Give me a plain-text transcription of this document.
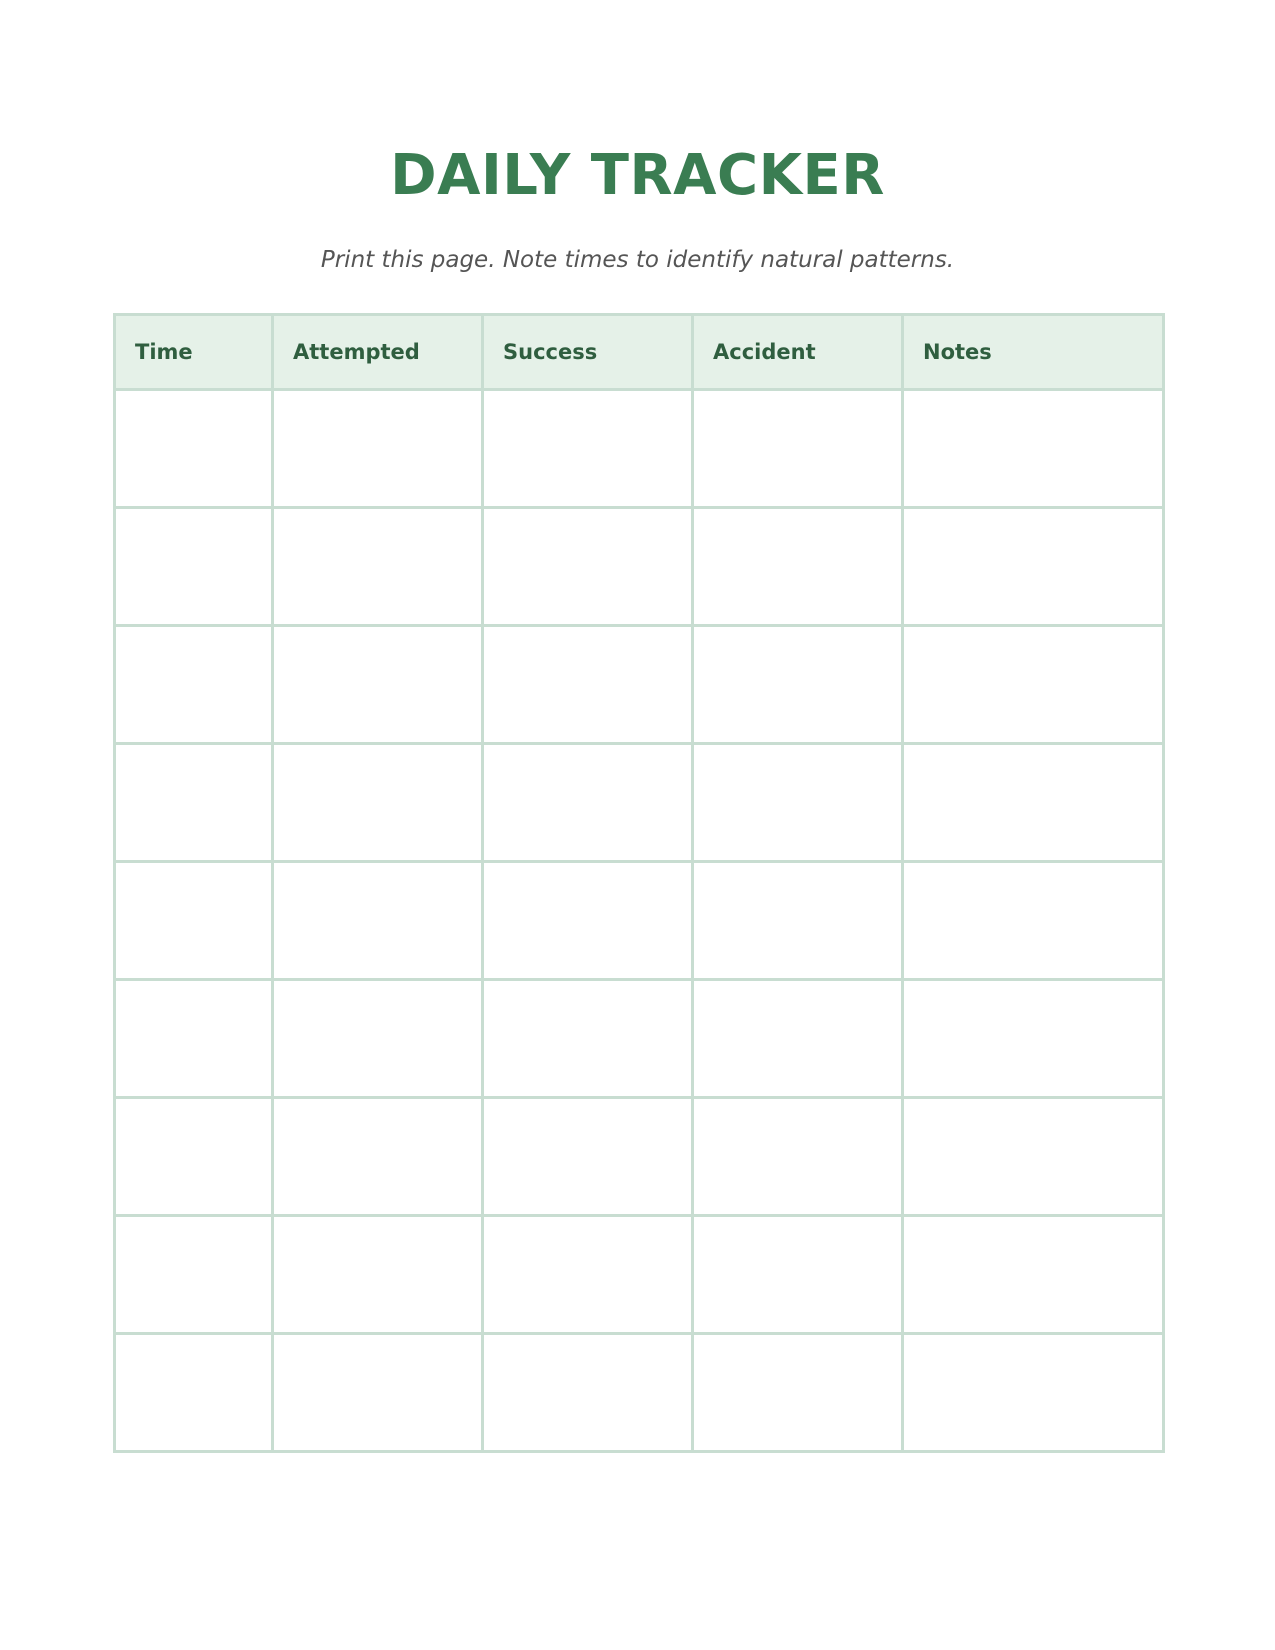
DAILY TRACKER
Print this page. Note times to identify natural patterns.
Time	Attempted	Success	Accident	Notes
